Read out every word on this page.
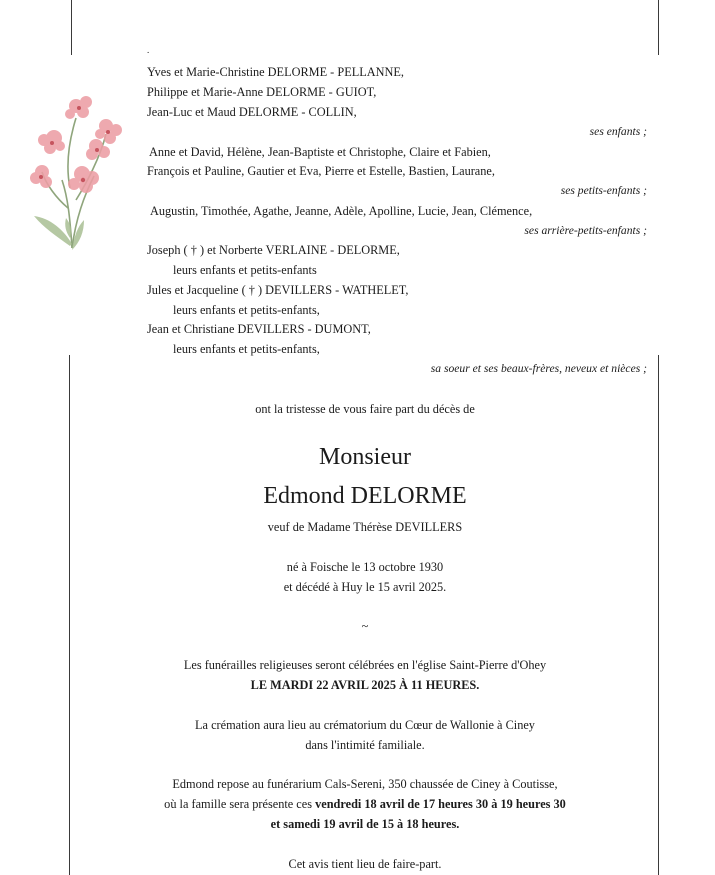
.
Yves et Marie-Christine DELORME - PELLANNE,
Philippe et Marie-Anne DELORME - GUIOT,
Jean-Luc et Maud DELORME - COLLIN,
ses enfants ;
Anne et David, Hélène, Jean-Baptiste et Christophe, Claire et Fabien,
François et Pauline, Gautier et Eva, Pierre et Estelle, Bastien, Laurane,
ses petits-enfants ;
Augustin, Timothée, Agathe, Jeanne, Adèle, Apolline, Lucie, Jean, Clémence,
ses arrière-petits-enfants ;
Joseph ( † ) et Norberte VERLAINE - DELORME,
leurs enfants et petits-enfants
Jules et Jacqueline ( † ) DEVILLERS - WATHELET,
leurs enfants et petits-enfants,
Jean et Christiane DEVILLERS - DUMONT,
leurs enfants et petits-enfants,
sa soeur et ses beaux-frères, neveux et nièces ;
ont la tristesse de vous faire part du décès de
Monsieur
Edmond DELORME
veuf de Madame Thérèse DEVILLERS
né à Foische le 13 octobre 1930
et décédé à Huy le 15 avril 2025.
~
Les funérailles religieuses seront célébrées en l'église Saint-Pierre d'Ohey
LE MARDI 22 AVRIL 2025 À 11 HEURES.
La crémation aura lieu au crématorium du Cœur de Wallonie à Ciney
dans l'intimité familiale.
Edmond repose au funérarium Cals-Sereni, 350 chaussée de Ciney à Coutisse,
où la famille sera présente ces vendredi 18 avril de 17 heures 30 à 19 heures 30
et samedi 19 avril de 15 à 18 heures.
Cet avis tient lieu de faire-part.
